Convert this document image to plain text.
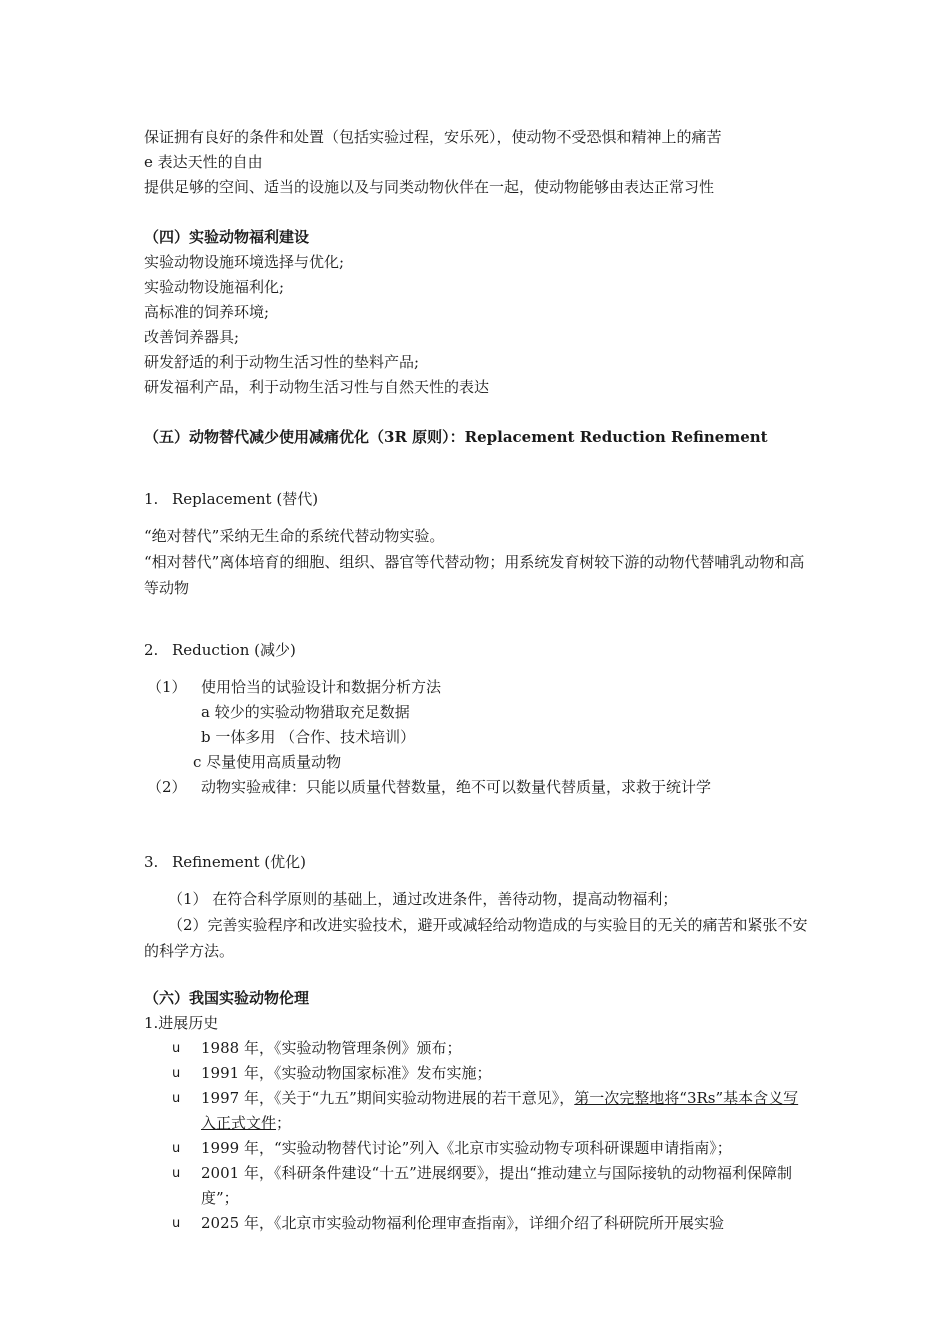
保证拥有良好的条件和处置（包括实验过程，安乐死），使动物不受恐惧和精神上的痛苦
e 表达天性的自由
提供足够的空间、适当的设施以及与同类动物伙伴在一起，使动物能够由表达正常习性
（四）实验动物福利建设
实验动物设施环境选择与优化;
实验动物设施福利化;
高标准的饲养环境;
改善饲养器具;
研发舒适的利于动物生活习性的垫料产品;
研发福利产品，利于动物生活习性与自然天性的表达
（五）动物替代减少使用减痛优化（3R 原则）：Replacement Reduction Refinement
1. Replacement (替代)
“绝对替代”采纳无生命的系统代替动物实验。
“相对替代”离体培育的细胞、组织、器官等代替动物；用系统发育树较下游的动物代替哺乳动物和高等动物
2. Reduction (减少)
（1） 使用恰当的试验设计和数据分析方法
a 较少的实验动物猎取充足数据
b 一体多用 （合作、技术培训）
c 尽量使用高质量动物
（2） 动物实验戒律：只能以质量代替数量，绝不可以数量代替质量，求救于统计学
3. Refinement (优化)
（1） 在符合科学原则的基础上，通过改进条件，善待动物，提高动物福利；
（2）完善实验程序和改进实验技术，避开或减轻给动物造成的与实验目的无关的痛苦和紧张不安的科学方法。
（六）我国实验动物伦理
1.进展历史
u	1988 年，《实验动物管理条例》颁布；
u	1991 年，《实验动物国家标准》发布实施；
u	1997 年，《关于“九五”期间实验动物进展的若干意见》，第一次完整地将“3Rs”基本含义写入正式文件；
u	1999 年，“实验动物替代讨论”列入《北京市实验动物专项科研课题申请指南》；
u	2001 年，《科研条件建设“十五”进展纲要》，提出“推动建立与国际接轨的动物福利保障制度”；
u	2025 年，《北京市实验动物福利伦理审查指南》，详细介绍了科研院所开展实验
